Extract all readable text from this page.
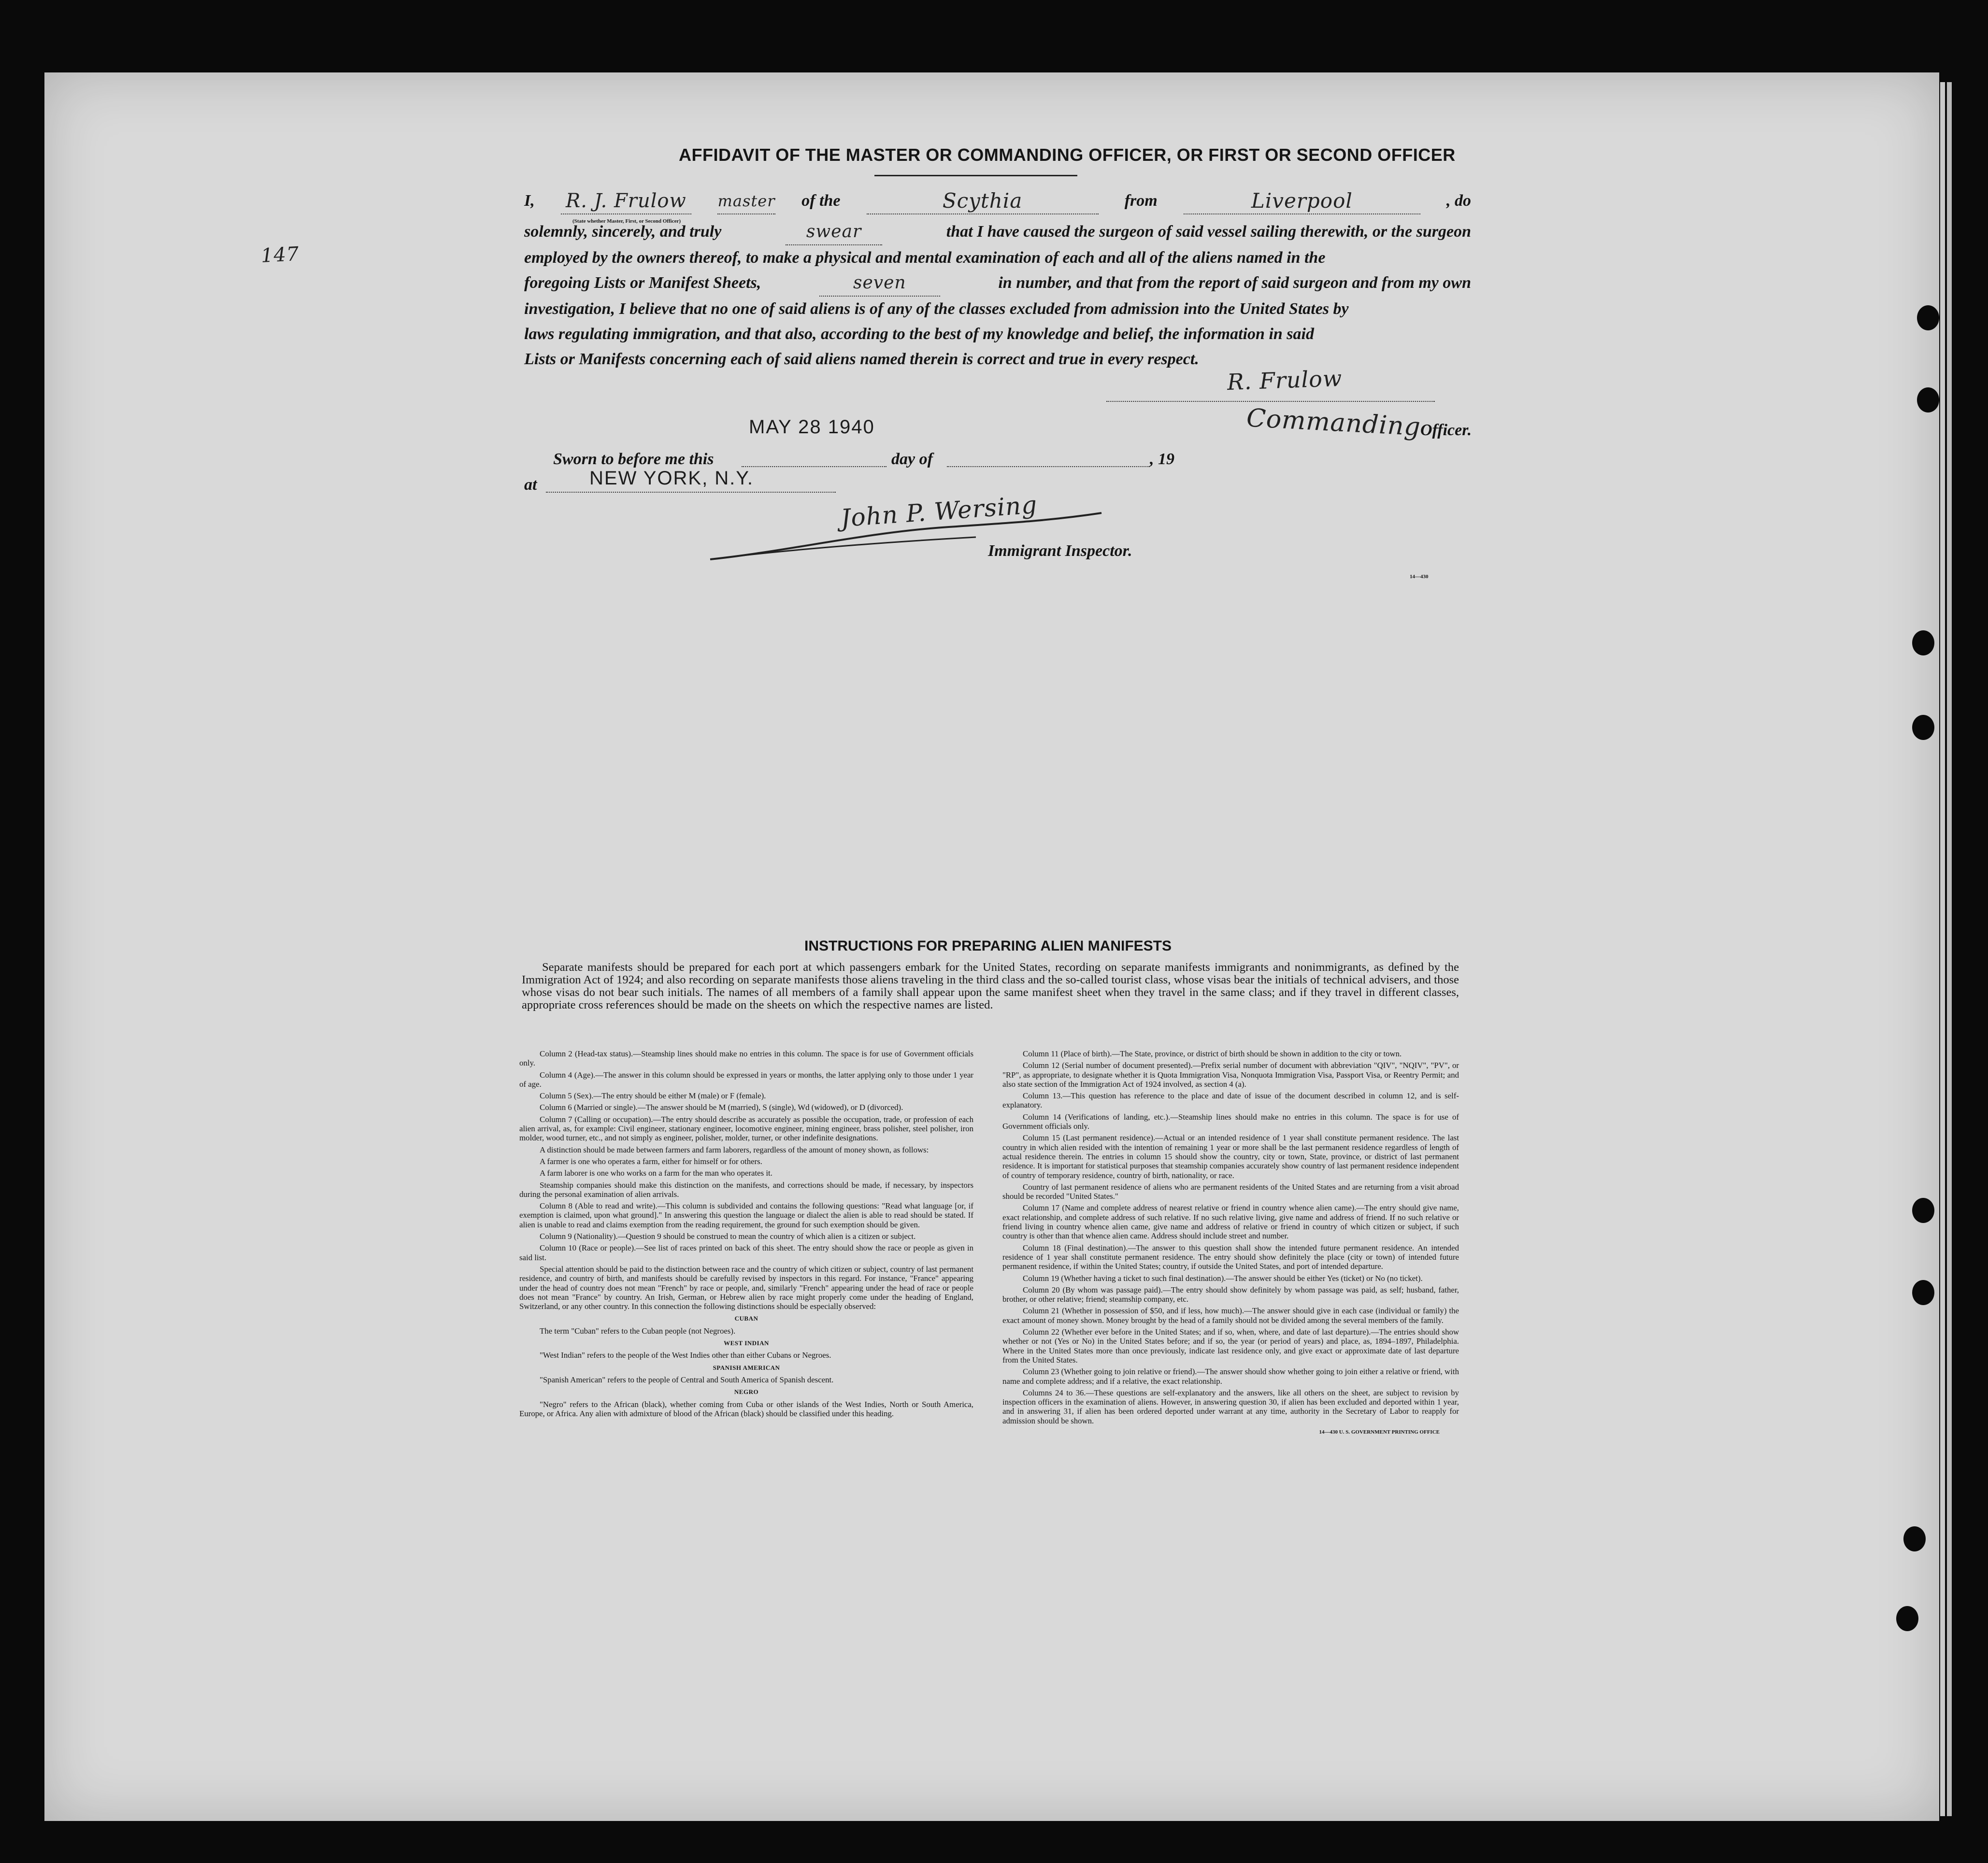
AFFIDAVIT OF THE MASTER OR COMMANDING OFFICER, OR FIRST OR SECOND OFFICER
147
I, R. J. Frulow	master of the	Scythia	from	Liverpool	, do
(State whether Master, First, or Second Officer)
solemnly, sincerely, and truly	swear	that I have caused the surgeon of said vessel sailing therewith, or the surgeon
employed by the owners thereof, to make a physical and mental examination of each and all of the aliens named in the
foregoing Lists or Manifest Sheets,	seven	in number, and that from the report of said surgeon and from my own
investigation, I believe that no one of said aliens is of any of the classes excluded from admission into the United States by
laws regulating immigration, and that also, according to the best of my knowledge and belief, the information in said
Lists or Manifests concerning each of said aliens named therein is correct and true in every respect.
R. Frulow
Commanding
Officer.
MAY 28 1940
Sworn to before me this	day of	, 19
at	NEW YORK, N.Y.
John P. Wersing
Immigrant Inspector.
14—430
INSTRUCTIONS FOR PREPARING ALIEN MANIFESTS
Separate manifests should be prepared for each port at which passengers embark for the United States, recording on separate manifests immigrants and nonimmigrants, as defined by the Immigration Act of 1924; and also recording on separate manifests those aliens traveling in the third class and the so-called tourist class, whose visas bear the initials of technical advisers, and those whose visas do not bear such initials. The names of all members of a family shall appear upon the same manifest sheet when they travel in the same class; and if they travel in different classes, appropriate cross references should be made on the sheets on which the respective names are listed.

Column 2 (Head-tax status).—Steamship lines should make no entries in this column. The space is for use of Government officials only.

Column 4 (Age).—The answer in this column should be expressed in years or months, the latter applying only to those under 1 year of age.

Column 5 (Sex).—The entry should be either M (male) or F (female).

Column 6 (Married or single).—The answer should be M (married), S (single), Wd (widowed), or D (divorced).

Column 7 (Calling or occupation).—The entry should describe as accurately as possible the occupation, trade, or profession of each alien arrival, as, for example: Civil engineer, stationary engineer, locomotive engineer, mining engineer, brass polisher, steel polisher, iron molder, wood turner, etc., and not simply as engineer, polisher, molder, turner, or other indefinite designations.

A distinction should be made between farmers and farm laborers, regardless of the amount of money shown, as follows:

A farmer is one who operates a farm, either for himself or for others.

A farm laborer is one who works on a farm for the man who operates it.

Steamship companies should make this distinction on the manifests, and corrections should be made, if necessary, by inspectors during the personal examination of alien arrivals.

Column 8 (Able to read and write).—This column is subdivided and contains the following questions: "Read what language [or, if exemption is claimed, upon what ground]." In answering this question the language or dialect the alien is able to read should be stated. If alien is unable to read and claims exemption from the reading requirement, the ground for such exemption should be given.

Column 9 (Nationality).—Question 9 should be construed to mean the country of which alien is a citizen or subject.

Column 10 (Race or people).—See list of races printed on back of this sheet. The entry should show the race or people as given in said list.

Special attention should be paid to the distinction between race and the country of which citizen or subject, country of last permanent residence, and country of birth, and manifests should be carefully revised by inspectors in this regard. For instance, "France" appearing under the head of country does not mean "French" by race or people, and, similarly "French" appearing under the head of race or people does not mean "France" by country. An Irish, German, or Hebrew alien by race might properly come under the heading of England, Switzerland, or any other country. In this connection the following distinctions should be especially observed:

CUBAN

The term "Cuban" refers to the Cuban people (not Negroes).

WEST INDIAN

"West Indian" refers to the people of the West Indies other than either Cubans or Negroes.

SPANISH AMERICAN

"Spanish American" refers to the people of Central and South America of Spanish descent.

NEGRO

"Negro" refers to the African (black), whether coming from Cuba or other islands of the West Indies, North or South America, Europe, or Africa. Any alien with admixture of blood of the African (black) should be classified under this heading.

Column 11 (Place of birth).—The State, province, or district of birth should be shown in addition to the city or town.

Column 12 (Serial number of document presented).—Prefix serial number of document with abbreviation "QIV", "NQIV", "PV", or "RP", as appropriate, to designate whether it is Quota Immigration Visa, Nonquota Immigration Visa, Passport Visa, or Reentry Permit; and also state section of the Immigration Act of 1924 involved, as section 4 (a).

Column 13.—This question has reference to the place and date of issue of the document described in column 12, and is self-explanatory.

Column 14 (Verifications of landing, etc.).—Steamship lines should make no entries in this column. The space is for use of Government officials only.

Column 15 (Last permanent residence).—Actual or an intended residence of 1 year shall constitute permanent residence. The last country in which alien resided with the intention of remaining 1 year or more shall be the last permanent residence regardless of length of actual residence therein. The entries in column 15 should show the country, city or town, State, province, or district of last permanent residence. It is important for statistical purposes that steamship companies accurately show country of last permanent residence independent of country of temporary residence, country of birth, nationality, or race.

Country of last permanent residence of aliens who are permanent residents of the United States and are returning from a visit abroad should be recorded "United States."

Column 17 (Name and complete address of nearest relative or friend in country whence alien came).—The entry should give name, exact relationship, and complete address of such relative. If no such relative living, give name and address of friend. If no such relative or friend living in country whence alien came, give name and address of relative or friend in country of which citizen or subject, if such country is other than that whence alien came. Address should include street and number.

Column 18 (Final destination).—The answer to this question shall show the intended future permanent residence. An intended residence of 1 year shall constitute permanent residence. The entry should show definitely the place (city or town) of intended future permanent residence, if within the United States; country, if outside the United States, and port of intended departure.

Column 19 (Whether having a ticket to such final destination).—The answer should be either Yes (ticket) or No (no ticket).

Column 20 (By whom was passage paid).—The entry should show definitely by whom passage was paid, as self; husband, father, brother, or other relative; friend; steamship company, etc.

Column 21 (Whether in possession of $50, and if less, how much).—The answer should give in each case (individual or family) the exact amount of money shown. Money brought by the head of a family should not be divided among the several members of the family.

Column 22 (Whether ever before in the United States; and if so, when, where, and date of last departure).—The entries should show whether or not (Yes or No) in the United States before; and if so, the year (or period of years) and place, as, 1894–1897, Philadelphia. Where in the United States more than once previously, indicate last residence only, and give exact or approximate date of last departure from the United States.

Column 23 (Whether going to join relative or friend).—The answer should show whether going to join either a relative or friend, with name and complete address; and if a relative, the exact relationship.

Columns 24 to 36.—These questions are self-explanatory and the answers, like all others on the sheet, are subject to revision by inspection officers in the examination of aliens. However, in answering question 30, if alien has been excluded and deported within 1 year, and in answering 31, if alien has been ordered deported under warrant at any time, authority in the Secretary of Labor to reapply for admission should be shown.

14—430 U. S. GOVERNMENT PRINTING OFFICE
